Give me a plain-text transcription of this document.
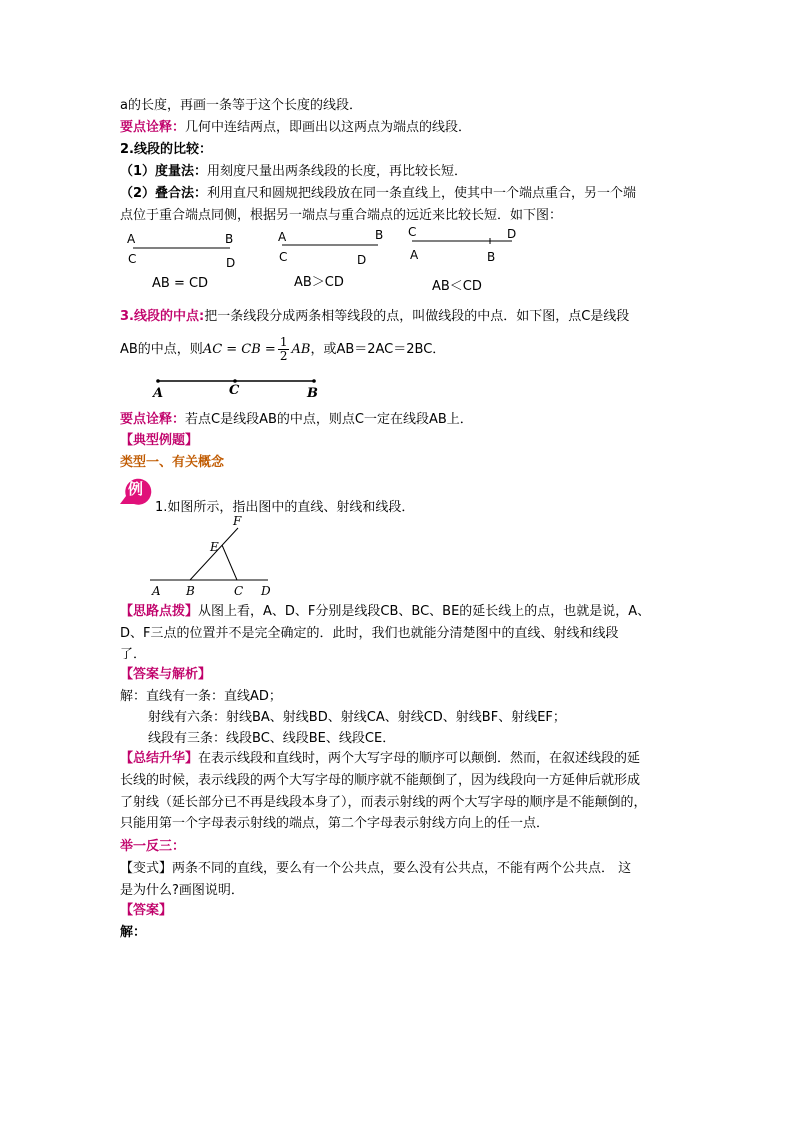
a的长度，再画一条等于这个长度的线段．
要点诠释：几何中连结两点，即画出以这两点为端点的线段．
2.线段的比较：
（1）度量法：用刻度尺量出两条线段的长度，再比较长短．
（2）叠合法：利用直尺和圆规把线段放在同一条直线上，使其中一个端点重合，另一个端
点位于重合端点同侧，根据另一端点与重合端点的远近来比较长短．如下图：
A	B
C	D
AB = CD
A	B
C	D
AB＞CD
C	D
A	B
AB＜CD
3.线段的中点:把一条线段分成两条相等线段的点，叫做线段的中点．如下图，点C是线段
AB的中点，则AC = CB = $\frac{1}{2}$ AB，或AB＝2AC＝2BC．
A	C	B
要点诠释：若点C是线段AB的中点，则点C一定在线段AB上．
【典型例题】
类型一、有关概念
例
1.如图所示，指出图中的直线、射线和线段．
F
E
A B	C D
【思路点拨】从图上看，A、D、F分别是线段CB、BC、BE的延长线上的点，也就是说，A、
D、F三点的位置并不是完全确定的．此时，我们也就能分清楚图中的直线、射线和线段
了．
【答案与解析】
解：直线有一条：直线AD；
射线有六条：射线BA、射线BD、射线CA、射线CD、射线BF、射线EF；
线段有三条：线段BC、线段BE、线段CE．
【总结升华】在表示线段和直线时，两个大写字母的顺序可以颠倒．然而，在叙述线段的延
长线的时候，表示线段的两个大写字母的顺序就不能颠倒了，因为线段向一方延伸后就形成
了射线（延长部分已不再是线段本身了），而表示射线的两个大写字母的顺序是不能颠倒的，
只能用第一个字母表示射线的端点，第二个字母表示射线方向上的任一点．
举一反三：
【变式】两条不同的直线，要么有一个公共点，要么没有公共点，不能有两个公共点． 这
是为什么?画图说明．
【答案】
解：
